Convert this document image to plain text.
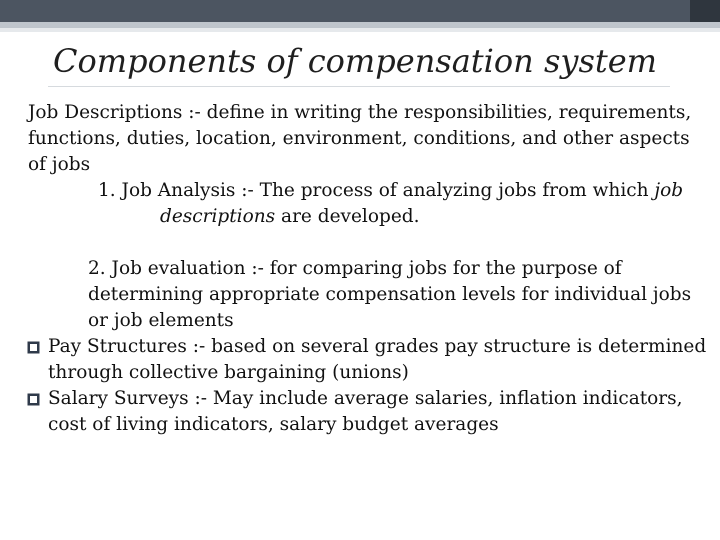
Components of compensation system

Job Descriptions :- define in writing the responsibilities, requirements, functions, duties, location, environment, conditions, and other aspects of jobs

1. Job Analysis :- The process of analyzing jobs from which job descriptions are developed.

2. Job evaluation :- for comparing jobs for the purpose of determining appropriate compensation levels for individual jobs or job elements

Pay Structures :- based on several grades pay structure is determined through collective bargaining (unions)

Salary Surveys :- May include average salaries, inflation indicators, cost of living indicators, salary budget averages
